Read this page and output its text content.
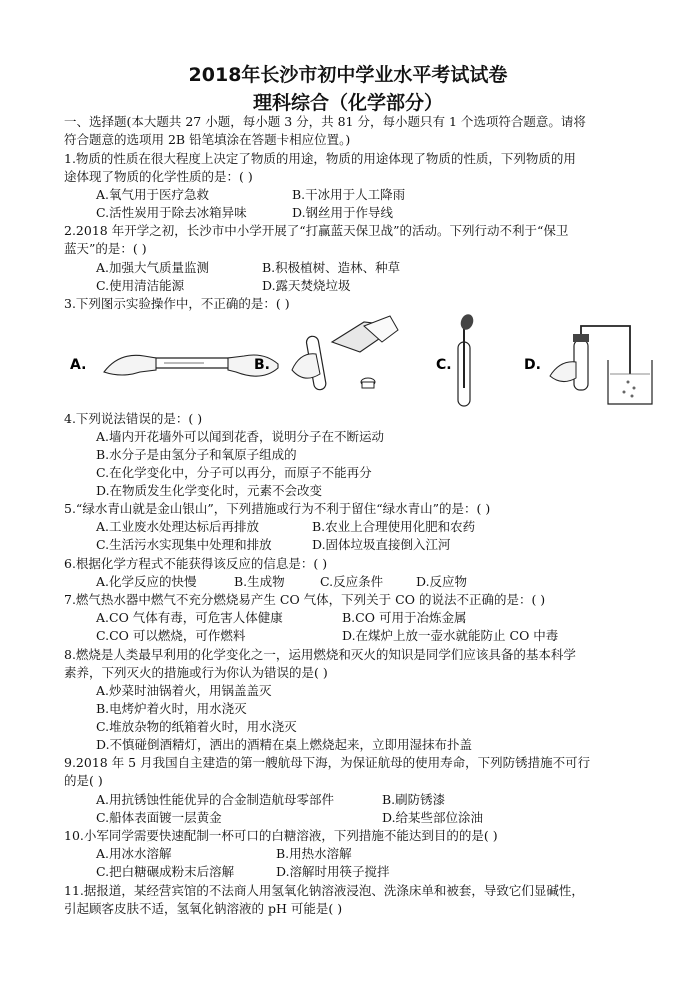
2018年长沙市初中学业水平考试试卷
理科综合（化学部分）
一、选择题(本大题共 27 小题，每小题 3 分，共 81 分，每小题只有 1 个选项符合题意。请将
符合题意的选项用 2B 铅笔填涂在答题卡相应位置。)
1.物质的性质在很大程度上决定了物质的用途，物质的用途体现了物质的性质，下列物质的用
途体现了物质的化学性质的是：( )
A.氧气用于医疗急救	B.干冰用于人工降雨
C.活性炭用于除去冰箱异味	D.钢丝用于作导线
2.2018 年开学之初，长沙市中小学开展了“打赢蓝天保卫战”的活动。下列行动不利于“保卫
蓝天”的是：( )
A.加强大气质量监测	B.积极植树、造林、种草
C.使用清洁能源	D.露天焚烧垃圾
3.下列图示实验操作中，不正确的是：( )
A.	B.	C.	D.
4.下列说法错误的是：( )
A.墙内开花墙外可以闻到花香，说明分子在不断运动
B.水分子是由氢分子和氧原子组成的
C.在化学变化中，分子可以再分，而原子不能再分
D.在物质发生化学变化时，元素不会改变
5.“绿水青山就是金山银山”，下列措施或行为不利于留住“绿水青山”的是：( )
A.工业废水处理达标后再排放	B.农业上合理使用化肥和农药
C.生活污水实现集中处理和排放	D.固体垃圾直接倒入江河
6.根据化学方程式不能获得该反应的信息是：( )
A.化学反应的快慢	B.生成物	C.反应条件	D.反应物
7.燃气热水器中燃气不充分燃烧易产生 CO 气体，下列关于 CO 的说法不正确的是：( )
A.CO 气体有毒，可危害人体健康	B.CO 可用于冶炼金属
C.CO 可以燃烧，可作燃料	D.在煤炉上放一壶水就能防止 CO 中毒
8.燃烧是人类最早利用的化学变化之一，运用燃烧和灭火的知识是同学们应该具备的基本科学
素养，下列灭火的措施或行为你认为错误的是( )
A.炒菜时油锅着火，用锅盖盖灭
B.电烤炉着火时，用水浇灭
C.堆放杂物的纸箱着火时，用水浇灭
D.不慎碰倒酒精灯，洒出的酒精在桌上燃烧起来，立即用湿抹布扑盖
9.2018 年 5 月我国自主建造的第一艘航母下海，为保证航母的使用寿命，下列防锈措施不可行
的是( )
A.用抗锈蚀性能优异的合金制造航母零部件	B.刷防锈漆
C.船体表面镀一层黄金	D.给某些部位涂油
10.小军同学需要快速配制一杯可口的白糖溶液，下列措施不能达到目的的是( )
A.用冰水溶解	B.用热水溶解
C.把白糖碾成粉末后溶解	D.溶解时用筷子搅拌
11.据报道，某经营宾馆的不法商人用氢氧化钠溶液浸泡、洗涤床单和被套，导致它们显碱性，
引起顾客皮肤不适，氢氧化钠溶液的 pH 可能是( )
